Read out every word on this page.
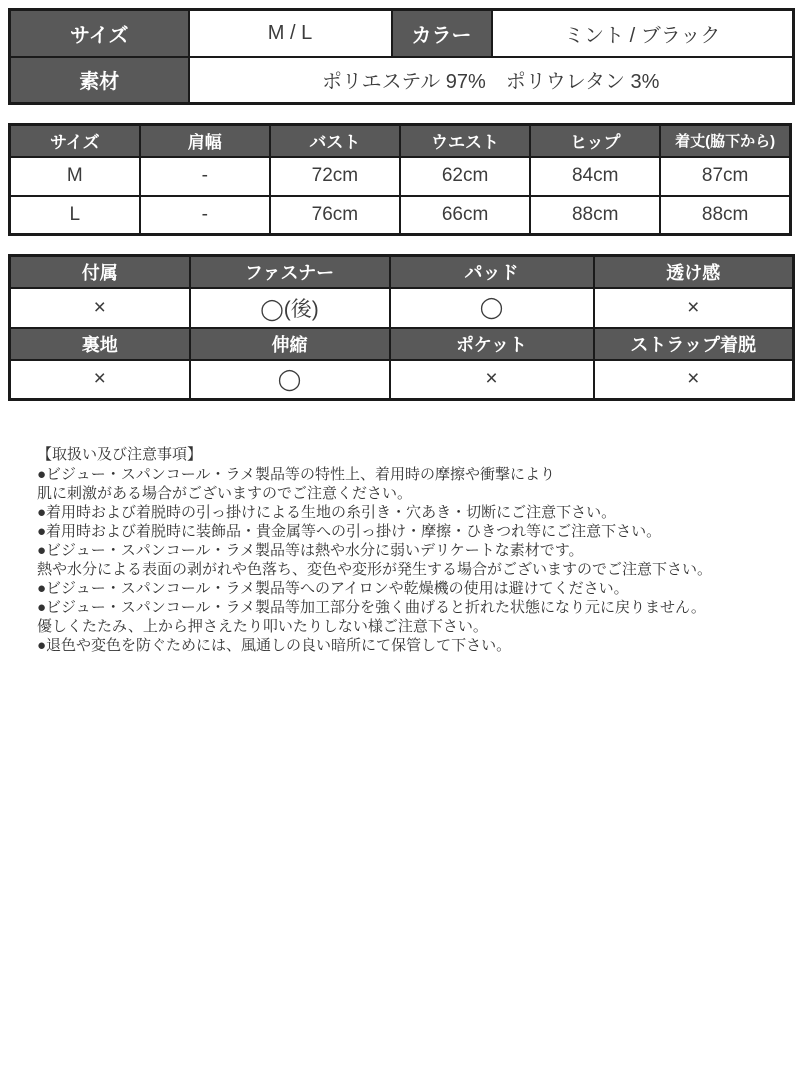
サイズ	M / L	カラー	ミント / ブラック
素材	ポリエステル 97%　ポリウレタン 3%		
サイズ	肩幅	バスト	ウエスト	ヒップ	着丈(脇下から)
M	-	72cm	62cm	84cm	87cm
L	-	76cm	66cm	88cm	88cm
付属	ファスナー	パッド	透け感
×	◯(後)	◯	×
裏地	伸縮	ポケット	ストラップ着脱
×	◯	×	×
【取扱い及び注意事項】
●ビジュー・スパンコール・ラメ製品等の特性上、着用時の摩擦や衝撃により
肌に刺激がある場合がございますのでご注意ください。
●着用時および着脱時の引っ掛けによる生地の糸引き・穴あき・切断にご注意下さい。
●着用時および着脱時に装飾品・貴金属等への引っ掛け・摩擦・ひきつれ等にご注意下さい。
●ビジュー・スパンコール・ラメ製品等は熱や水分に弱いデリケートな素材です。
熱や水分による表面の剥がれや色落ち、変色や変形が発生する場合がございますのでご注意下さい。
●ビジュー・スパンコール・ラメ製品等へのアイロンや乾燥機の使用は避けてください。
●ビジュー・スパンコール・ラメ製品等加工部分を強く曲げると折れた状態になり元に戻りません。
優しくたたみ、上から押さえたり叩いたりしない様ご注意下さい。
●退色や変色を防ぐためには、風通しの良い暗所にて保管して下さい。
